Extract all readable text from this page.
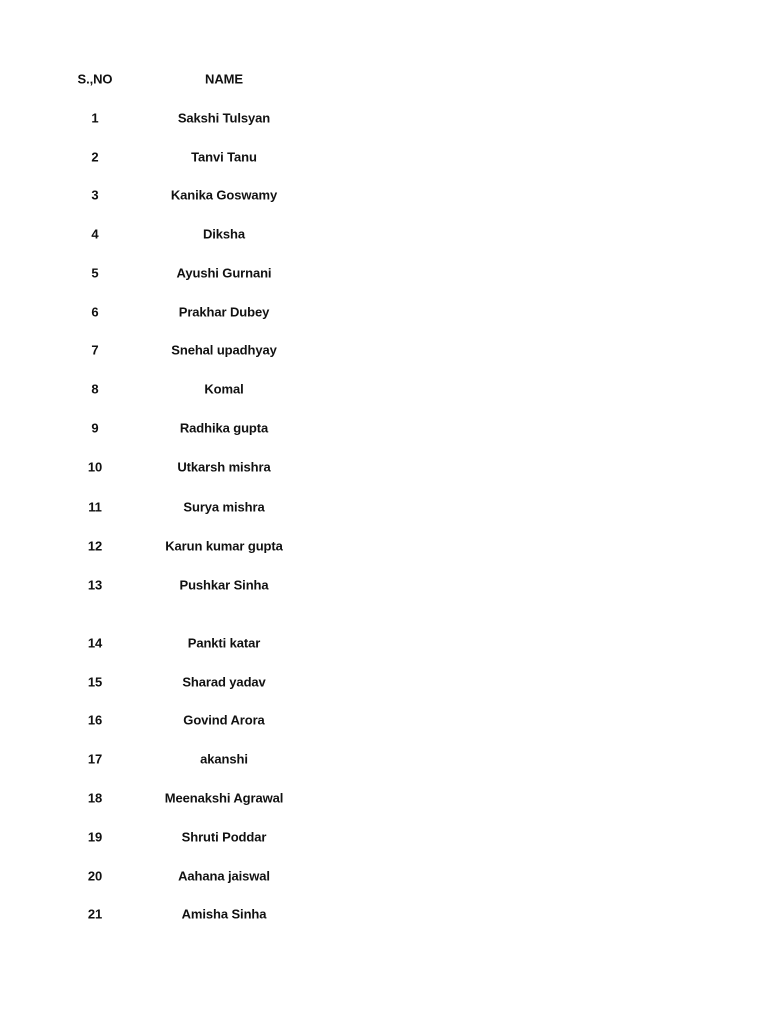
S.,NO	NAME
1	Sakshi Tulsyan
2	Tanvi Tanu
3	Kanika Goswamy
4	Diksha
5	Ayushi Gurnani
6	Prakhar Dubey
7	Snehal upadhyay
8	Komal
9	Radhika gupta
10	Utkarsh mishra
11	Surya mishra
12	Karun kumar gupta
13	Pushkar Sinha
14	Pankti katar
15	Sharad yadav
16	Govind Arora
17	akanshi
18	Meenakshi Agrawal
19	Shruti Poddar
20	Aahana jaiswal
21	Amisha Sinha
